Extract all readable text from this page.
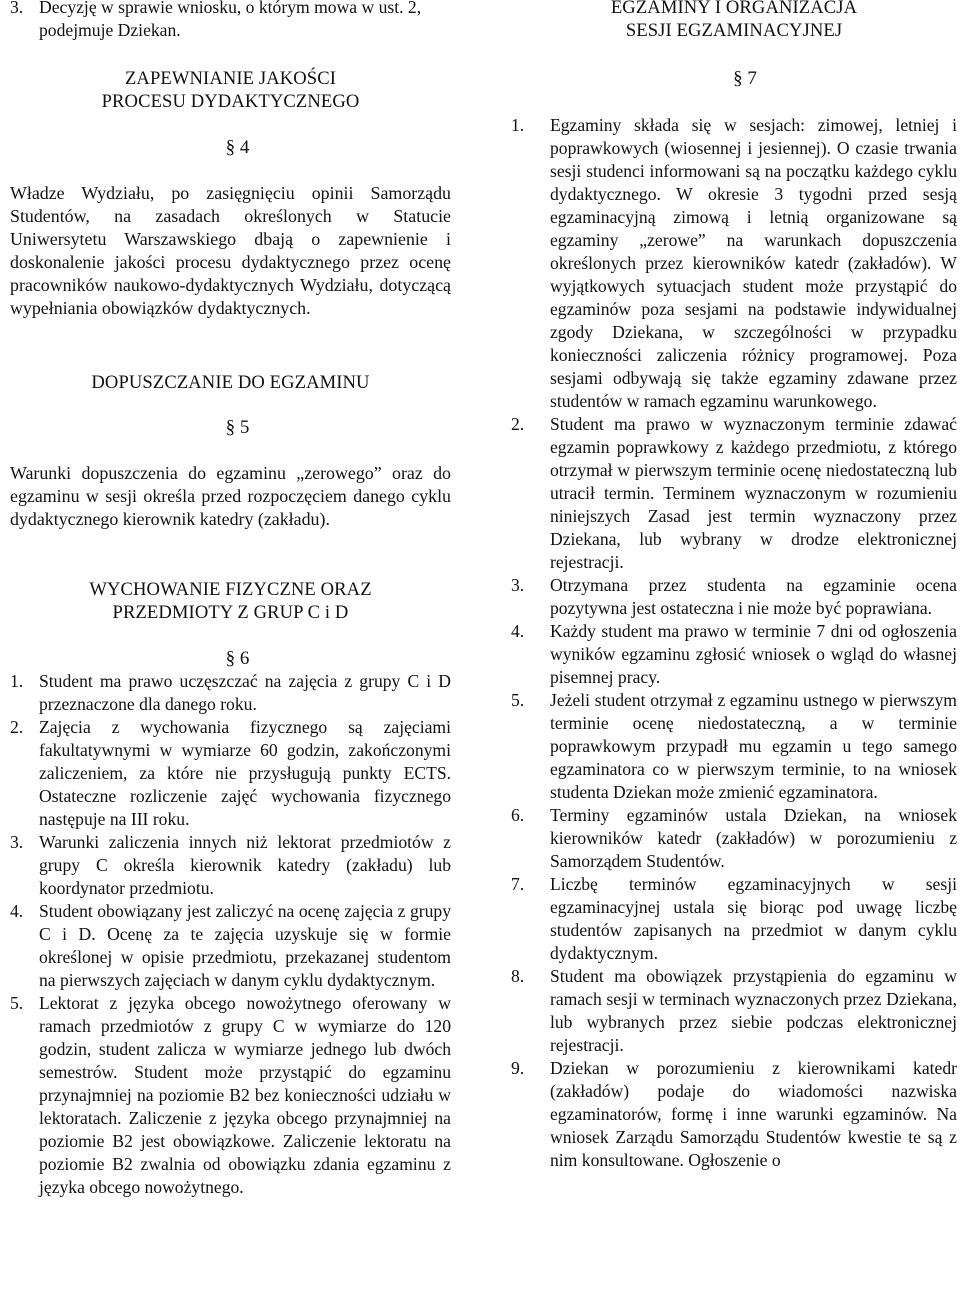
3. Decyzję w sprawie wniosku, o którym mowa w ust. 2, podejmuje Dziekan.
ZAPEWNIANIE JAKOŚCI
PROCESU DYDAKTYCZNEGO

§ 4

Władze Wydziału, po zasięgnięciu opinii Samorządu Studentów, na zasadach określonych w Statucie Uniwersytetu Warszawskiego dbają o zapewnienie i doskonalenie jakości procesu dydaktycznego przez ocenę pracowników naukowo-dydaktycznych Wydziału, dotyczącą wypełniania obowiązków dydaktycznych.

DOPUSZCZANIE DO EGZAMINU

§ 5

Warunki dopuszczenia do egzaminu „zerowego” oraz do egzaminu w sesji określa przed rozpoczęciem danego cyklu dydaktycznego kierownik katedry (zakładu).

WYCHOWANIE FIZYCZNE ORAZ
PRZEDMIOTY Z GRUP C i D

§ 6

1. Student ma prawo uczęszczać na zajęcia z grupy C i D przeznaczone dla danego roku.
2. Zajęcia z wychowania fizycznego są zajęciami fakultatywnymi w wymiarze 60 godzin, zakończonymi zaliczeniem, za które nie przysługują punkty ECTS. Ostateczne rozliczenie zajęć wychowania fizycznego następuje na III roku.
3. Warunki zaliczenia innych niż lektorat przedmiotów z grupy C określa kierownik katedry (zakładu) lub koordynator przedmiotu.
4. Student obowiązany jest zaliczyć na ocenę zajęcia z grupy C i D. Ocenę za te zajęcia uzyskuje się w formie określonej w opisie przedmiotu, przekazanej studentom na pierwszych zajęciach w danym cyklu dydaktycznym.
5. Lektorat z języka obcego nowożytnego oferowany w ramach przedmiotów z grupy C w wymiarze do 120 godzin, student zalicza w wymiarze jednego lub dwóch semestrów. Student może przystąpić do egzaminu przynajmniej na poziomie B2 bez konieczności udziału w lektoratach. Zaliczenie z języka obcego przynajmniej na poziomie B2 jest obowiązkowe. Zaliczenie lektoratu na poziomie B2 zwalnia od obowiązku zdania egzaminu z języka obcego nowożytnego.
EGZAMINY I ORGANIZACJA
SESJI EGZAMINACYJNEJ

§ 7

1.	Egzaminy składa się w sesjach: zimowej, letniej i poprawkowych (wiosennej i jesiennej). O czasie trwania sesji studenci informowani są na początku każdego cyklu dydaktycznego. W okresie 3 tygodni przed sesją egzaminacyjną zimową i letnią organizowane są egzaminy „zerowe” na warunkach dopuszczenia określonych przez kierowników katedr (zakładów). W wyjątkowych sytuacjach student może przystąpić do egzaminów poza sesjami na podstawie indywidualnej zgody Dziekana, w szczególności w przypadku konieczności zaliczenia różnicy programowej. Poza sesjami odbywają się także egzaminy zdawane przez studentów w ramach egzaminu warunkowego.
2.	Student ma prawo w wyznaczonym terminie zdawać egzamin poprawkowy z każdego przedmiotu, z którego otrzymał w pierwszym terminie ocenę niedostateczną lub utracił termin. Terminem wyznaczonym w rozumieniu niniejszych Zasad jest termin wyznaczony przez Dziekana, lub wybrany w drodze elektronicznej rejestracji.
3.	Otrzymana przez studenta na egzaminie ocena pozytywna jest ostateczna i nie może być poprawiana.
4.	Każdy student ma prawo w terminie 7 dni od ogłoszenia wyników egzaminu zgłosić wniosek o wgląd do własnej pisemnej pracy.
5.	Jeżeli student otrzymał z egzaminu ustnego w pierwszym terminie ocenę niedostateczną, a w terminie poprawkowym przypadł mu egzamin u tego samego egzaminatora co w pierwszym terminie, to na wniosek studenta Dziekan może zmienić egzaminatora.
6.	Terminy egzaminów ustala Dziekan, na wniosek kierowników katedr (zakładów) w porozumieniu z Samorządem Studentów.
7.	Liczbę terminów egzaminacyjnych w sesji egzaminacyjnej ustala się biorąc pod uwagę liczbę studentów zapisanych na przedmiot w danym cyklu dydaktycznym.
8.	Student ma obowiązek przystąpienia do egzaminu w ramach sesji w terminach wyznaczonych przez Dziekana, lub wybranych przez siebie podczas elektronicznej rejestracji.
9.	Dziekan w porozumieniu z kierownikami katedr (zakładów) podaje do wiadomości nazwiska egzaminatorów, formę i inne warunki egzaminów. Na wniosek Zarządu Samorządu Studentów kwestie te są z nim konsultowane. Ogłoszenie o
